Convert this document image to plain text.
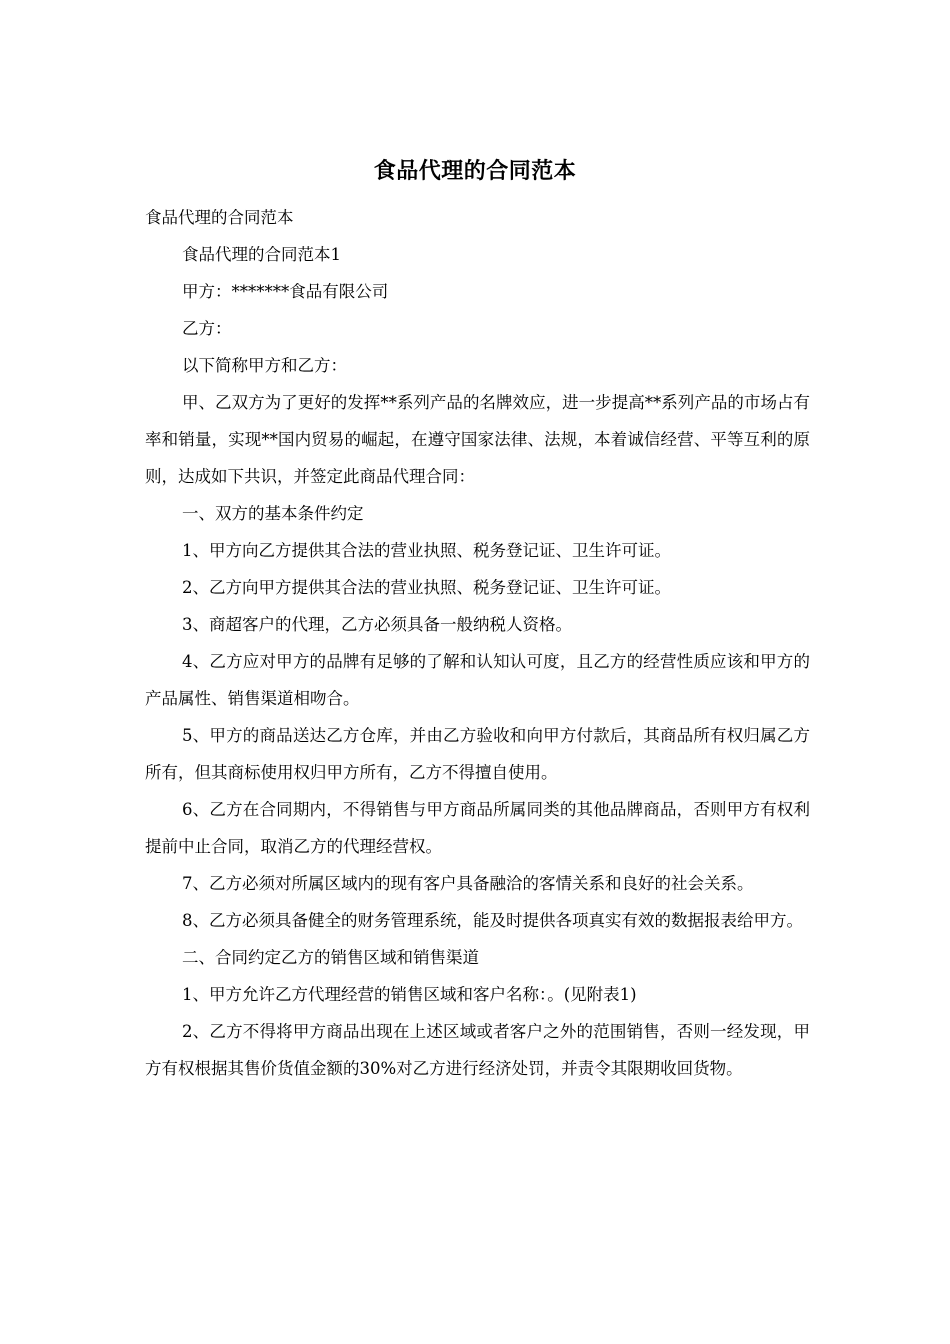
食品代理的合同范本

食品代理的合同范本

食品代理的合同范本1

甲方：*******食品有限公司

乙方：

以下简称甲方和乙方：

甲、乙双方为了更好的发挥**系列产品的名牌效应，进一步提高**系列产品的市场占有率和销量，实现**国内贸易的崛起，在遵守国家法律、法规，本着诚信经营、平等互利的原则，达成如下共识，并签定此商品代理合同：

一、双方的基本条件约定

1、甲方向乙方提供其合法的营业执照、税务登记证、卫生许可证。

2、乙方向甲方提供其合法的营业执照、税务登记证、卫生许可证。

3、商超客户的代理，乙方必须具备一般纳税人资格。

4、乙方应对甲方的品牌有足够的了解和认知认可度，且乙方的经营性质应该和甲方的产品属性、销售渠道相吻合。

5、甲方的商品送达乙方仓库，并由乙方验收和向甲方付款后，其商品所有权归属乙方所有，但其商标使用权归甲方所有，乙方不得擅自使用。

6、乙方在合同期内，不得销售与甲方商品所属同类的其他品牌商品，否则甲方有权利提前中止合同，取消乙方的代理经营权。

7、乙方必须对所属区域内的现有客户具备融洽的客情关系和良好的社会关系。

8、乙方必须具备健全的财务管理系统，能及时提供各项真实有效的数据报表给甲方。

二、合同约定乙方的销售区域和销售渠道

1、甲方允许乙方代理经营的销售区域和客户名称：。(见附表1)

2、乙方不得将甲方商品出现在上述区域或者客户之外的范围销售，否则一经发现，甲方有权根据其售价货值金额的30%对乙方进行经济处罚，并责令其限期收回货物。
